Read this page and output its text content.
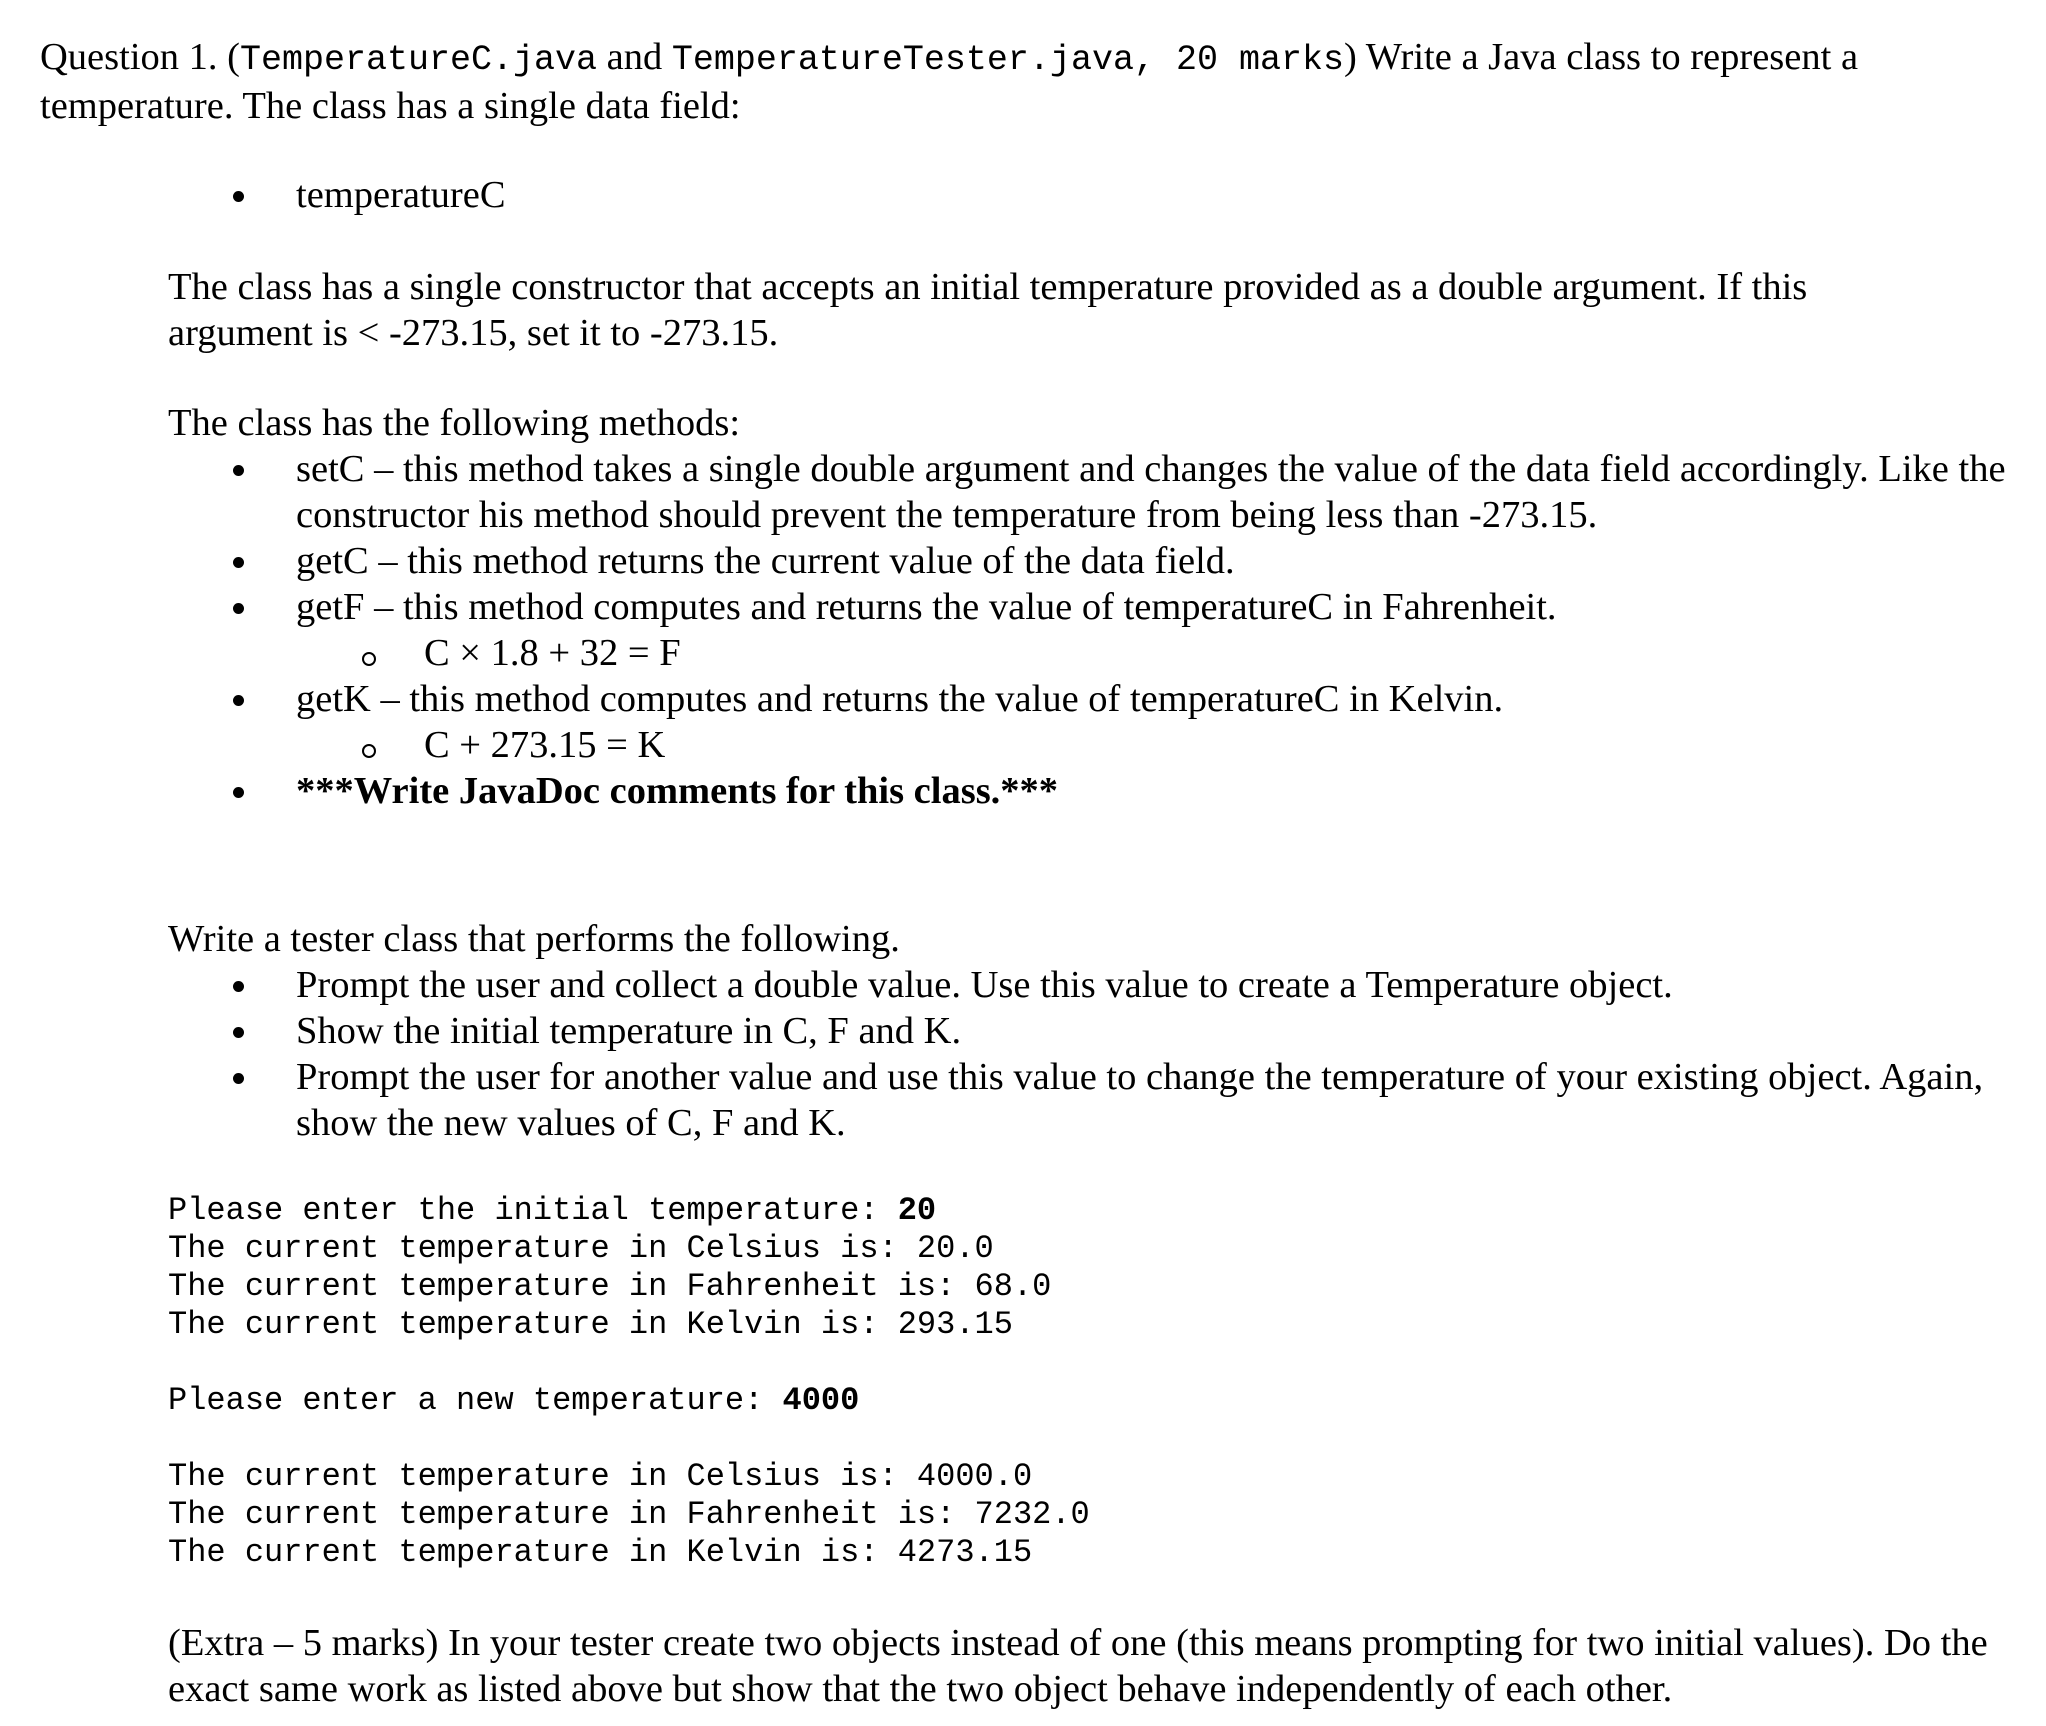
Question 1. (TemperatureC.java and TemperatureTester.java, 20 marks) Write a Java class to represent a temperature. The class has a single data field:
temperatureC
The class has a single constructor that accepts an initial temperature provided as a double argument. If this argument is < -273.15, set it to -273.15.
The class has the following methods:
setC – this method takes a single double argument and changes the value of the data field accordingly. Like the constructor his method should prevent the temperature from being less than -273.15.
getC – this method returns the current value of the data field.
getF – this method computes and returns the value of temperatureC in Fahrenheit.
C × 1.8 + 32 = F
getK – this method computes and returns the value of temperatureC in Kelvin.
C + 273.15 = K
***Write JavaDoc comments for this class.***
Write a tester class that performs the following.
Prompt the user and collect a double value. Use this value to create a Temperature object.
Show the initial temperature in C, F and K.
Prompt the user for another value and use this value to change the temperature of your existing object. Again, show the new values of C, F and K.
Please enter the initial temperature: 20
The current temperature in Celsius is: 20.0
The current temperature in Fahrenheit is: 68.0
The current temperature in Kelvin is: 293.15
Please enter a new temperature: 4000
The current temperature in Celsius is: 4000.0
The current temperature in Fahrenheit is: 7232.0
The current temperature in Kelvin is: 4273.15
(Extra – 5 marks) In your tester create two objects instead of one (this means prompting for two initial values). Do the exact same work as listed above but show that the two object behave independently of each other.
